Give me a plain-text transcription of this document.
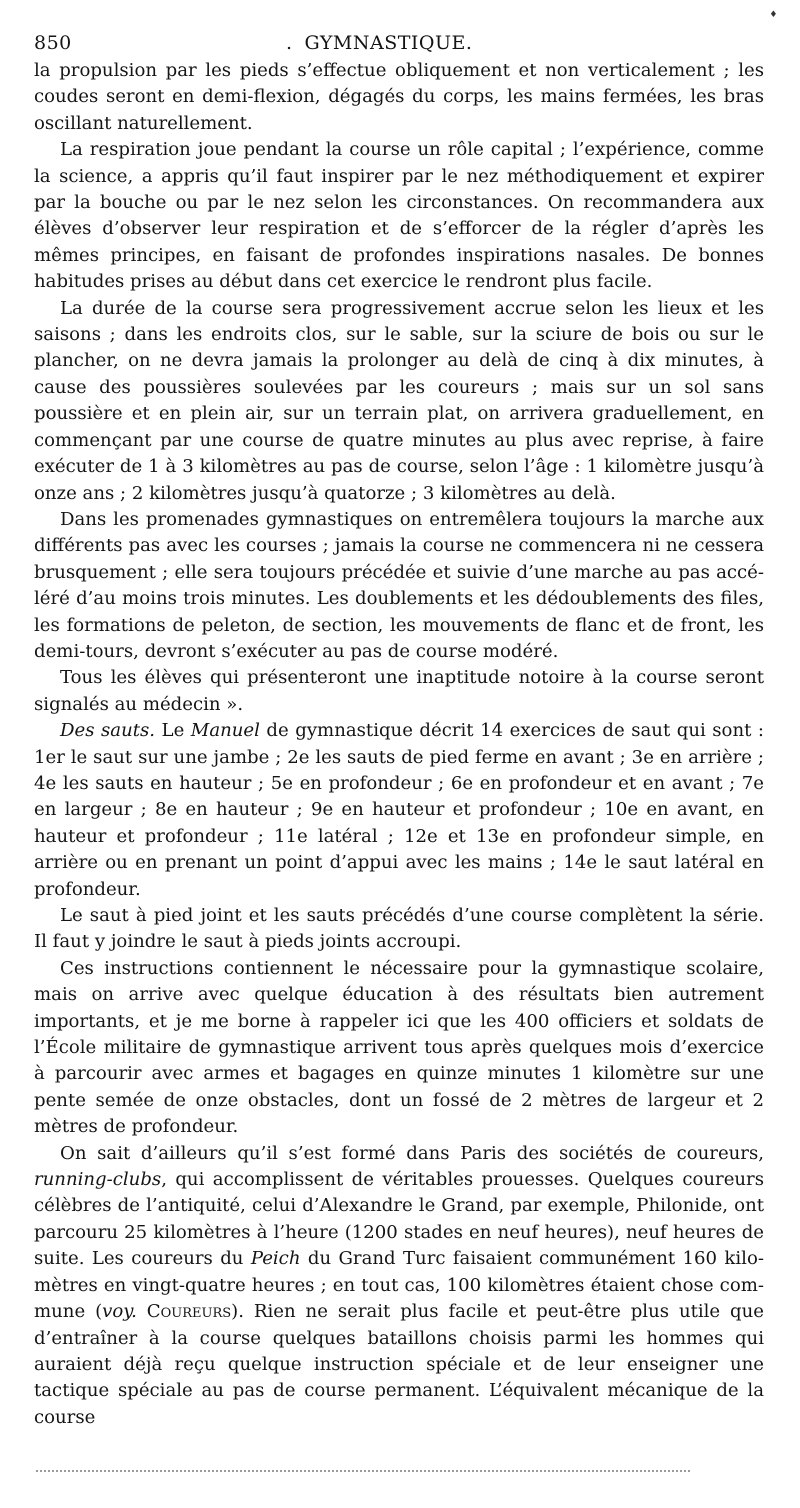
850	. GYMNASTIQUE.
♦

la propulsion par les pieds s’effectue obliquement et non verticalement ; les coudes seront en demi-flexion, dégagés du corps, les mains fermées, les bras oscillant naturellement.

La respiration joue pendant la course un rôle capital ; l’expérience, comme la science, a appris qu’il faut inspirer par le nez méthodiquement et expirer par la bouche ou par le nez selon les circonstances. On recommandera aux élèves d’observer leur respiration et de s’efforcer de la régler d’après les mêmes principes, en faisant de profondes inspirations nasales. De bonnes habitudes prises au début dans cet exercice le rendront plus facile.

La durée de la course sera progressivement accrue selon les lieux et les saisons ; dans les endroits clos, sur le sable, sur la sciure de bois ou sur le plancher, on ne devra jamais la prolonger au delà de cinq à dix minutes, à cause des poussières soulevées par les coureurs ; mais sur un sol sans poussière et en plein air, sur un terrain plat, on arrivera graduellement, en commençant par une course de quatre minutes au plus avec reprise, à faire exécuter de 1 à 3 kilomètres au pas de course, selon l’âge : 1 kilomètre jusqu’à onze ans ; 2 kilomètres jusqu’à quatorze ; 3 kilomètres au delà.

Dans les promenades gymnastiques on entremêlera toujours la marche aux différents pas avec les courses ; jamais la course ne commencera ni ne cessera brusquement ; elle sera toujours précédée et suivie d’une marche au pas accéléré d’au moins trois minutes. Les doublements et les dédoublements des files, les formations de peleton, de section, les mouvements de flanc et de front, les demi-tours, devront s’exécuter au pas de course modéré.

Tous les élèves qui présenteront une inaptitude notoire à la course seront signalés au médecin ».

Des sauts. Le Manuel de gymnastique décrit 14 exercices de saut qui sont : 1er le saut sur une jambe ; 2e les sauts de pied ferme en avant ; 3e en arrière ; 4e les sauts en hauteur ; 5e en profondeur ; 6e en profondeur et en avant ; 7e en largeur ; 8e en hauteur ; 9e en hauteur et profondeur ; 10e en avant, en hauteur et profondeur ; 11e latéral ; 12e et 13e en profondeur simple, en arrière ou en prenant un point d’appui avec les mains ; 14e le saut latéral en profondeur.

Le saut à pied joint et les sauts précédés d’une course complètent la série. Il faut y joindre le saut à pieds joints accroupi.

Ces instructions contiennent le nécessaire pour la gymnastique scolaire, mais on arrive avec quelque éducation à des résultats bien autrement importants, et je me borne à rappeler ici que les 400 officiers et soldats de l’École militaire de gymnastique arrivent tous après quelques mois d’exercice à parcourir avec armes et bagages en quinze minutes 1 kilomètre sur une pente semée de onze obstacles, dont un fossé de 2 mètres de largeur et 2 mètres de profondeur.

On sait d’ailleurs qu’il s’est formé dans Paris des sociétés de coureurs, running-clubs, qui accomplissent de véritables prouesses. Quelques coureurs célèbres de l’antiquité, celui d’Alexandre le Grand, par exemple, Philonide, ont parcouru 25 kilomètres à l’heure (1200 stades en neuf heures), neuf heures de suite. Les coureurs du Peich du Grand Turc faisaient communément 160 kilomètres en vingt-quatre heures ; en tout cas, 100 kilomètres étaient chose commune (voy. Coureurs). Rien ne serait plus facile et peut-être plus utile que d’entraîner à la course quelques bataillons choisis parmi les hommes qui auraient déjà reçu quelque instruction spéciale et de leur enseigner une tactique spéciale au pas de course permanent. L’équivalent mécanique de la course
